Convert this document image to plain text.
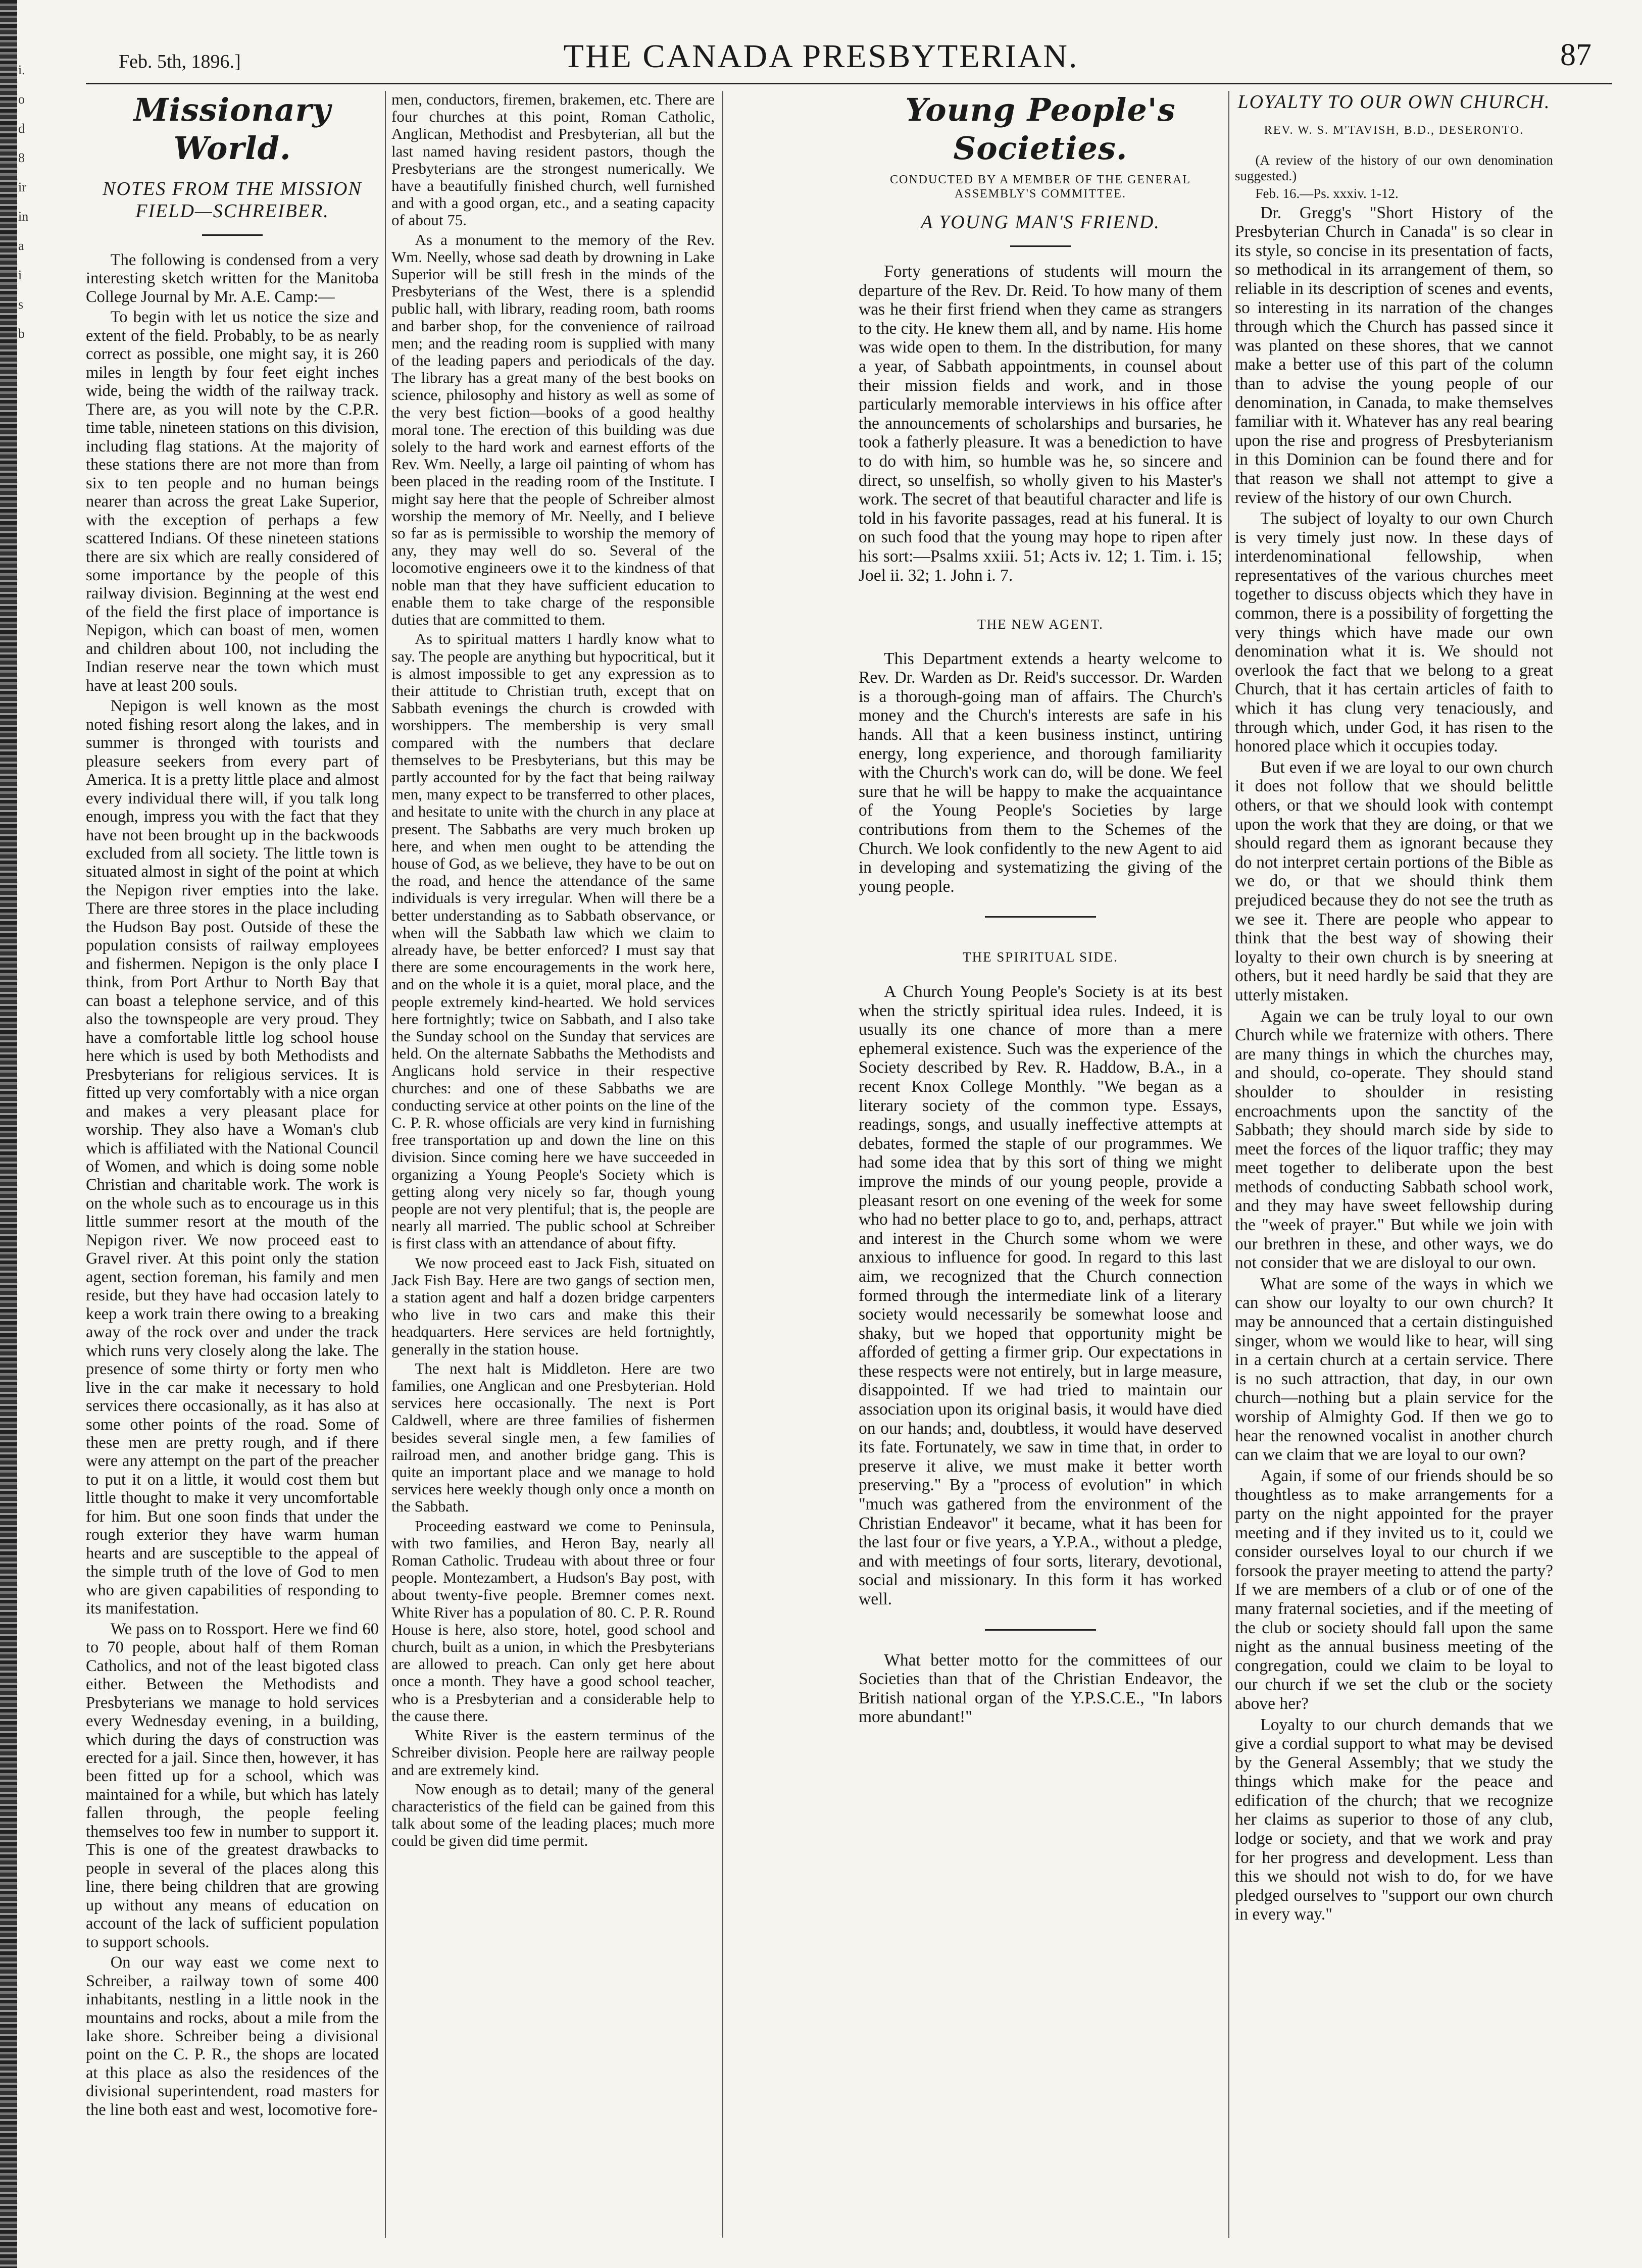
i.
o
d
8
ir
in
a
i
s
b
Feb. 5th, 1896.]	THE CANADA PRESBYTERIAN.	87
Missionary World.
NOTES FROM THE MISSION FIELD—SCHREIBER.

The following is condensed from a very interesting sketch written for the Manitoba College Journal by Mr. A.E. Camp:—

To begin with let us notice the size and extent of the field. Probably, to be as nearly correct as possible, one might say, it is 260 miles in length by four feet eight inches wide, being the width of the railway track. There are, as you will note by the C.P.R. time table, nineteen stations on this division, including flag stations. At the majority of these stations there are not more than from six to ten people and no human beings nearer than across the great Lake Superior, with the exception of perhaps a few scattered Indians. Of these nineteen stations there are six which are really considered of some importance by the people of this railway division. Beginning at the west end of the field the first place of importance is Nepigon, which can boast of men, women and children about 100, not including the Indian reserve near the town which must have at least 200 souls.

Nepigon is well known as the most noted fishing resort along the lakes, and in summer is thronged with tourists and pleasure seekers from every part of America. It is a pretty little place and almost every individual there will, if you talk long enough, impress you with the fact that they have not been brought up in the backwoods excluded from all society. The little town is situated almost in sight of the point at which the Nepigon river empties into the lake. There are three stores in the place including the Hudson Bay post. Outside of these the population consists of railway employees and fishermen. Nepigon is the only place I think, from Port Arthur to North Bay that can boast a telephone service, and of this also the townspeople are very proud. They have a comfortable little log school house here which is used by both Methodists and Presbyterians for religious services. It is fitted up very comfortably with a nice organ and makes a very pleasant place for worship. They also have a Woman's club which is affiliated with the National Council of Women, and which is doing some noble Christian and charitable work. The work is on the whole such as to encourage us in this little summer resort at the mouth of the Nepigon river. We now proceed east to Gravel river. At this point only the station agent, section foreman, his family and men reside, but they have had occasion lately to keep a work train there owing to a breaking away of the rock over and under the track which runs very closely along the lake. The presence of some thirty or forty men who live in the car make it necessary to hold services there occasionally, as it has also at some other points of the road. Some of these men are pretty rough, and if there were any attempt on the part of the preacher to put it on a little, it would cost them but little thought to make it very uncomfortable for him. But one soon finds that under the rough exterior they have warm human hearts and are susceptible to the appeal of the simple truth of the love of God to men who are given capabilities of responding to its manifestation.

We pass on to Rossport. Here we find 60 to 70 people, about half of them Roman Catholics, and not of the least bigoted class either. Between the Methodists and Presbyterians we manage to hold services every Wednesday evening, in a building, which during the days of construction was erected for a jail. Since then, however, it has been fitted up for a school, which was maintained for a while, but which has lately fallen through, the people feeling themselves too few in number to support it. This is one of the greatest drawbacks to people in several of the places along this line, there being children that are growing up without any means of education on account of the lack of sufficient population to support schools.

On our way east we come next to Schreiber, a railway town of some 400 inhabitants, nestling in a little nook in the mountains and rocks, about a mile from the lake shore. Schreiber being a divisional point on the C. P. R., the shops are located at this place as also the residences of the divisional superintendent, road masters for the line both east and west, locomotive fore-

men, conductors, firemen, brakemen, etc. There are four churches at this point, Roman Catholic, Anglican, Methodist and Presbyterian, all but the last named having resident pastors, though the Presbyterians are the strongest numerically. We have a beautifully finished church, well furnished and with a good organ, etc., and a seating capacity of about 75.

As a monument to the memory of the Rev. Wm. Neelly, whose sad death by drowning in Lake Superior will be still fresh in the minds of the Presbyterians of the West, there is a splendid public hall, with library, reading room, bath rooms and barber shop, for the convenience of railroad men; and the reading room is supplied with many of the leading papers and periodicals of the day. The library has a great many of the best books on science, philosophy and history as well as some of the very best fiction—books of a good healthy moral tone. The erection of this building was due solely to the hard work and earnest efforts of the Rev. Wm. Neelly, a large oil painting of whom has been placed in the reading room of the Institute. I might say here that the people of Schreiber almost worship the memory of Mr. Neelly, and I believe so far as is permissible to worship the memory of any, they may well do so. Several of the locomotive engineers owe it to the kindness of that noble man that they have sufficient education to enable them to take charge of the responsible duties that are committed to them.

As to spiritual matters I hardly know what to say. The people are anything but hypocritical, but it is almost impossible to get any expression as to their attitude to Christian truth, except that on Sabbath evenings the church is crowded with worshippers. The membership is very small compared with the numbers that declare themselves to be Presbyterians, but this may be partly accounted for by the fact that being railway men, many expect to be transferred to other places, and hesitate to unite with the church in any place at present. The Sabbaths are very much broken up here, and when men ought to be attending the house of God, as we believe, they have to be out on the road, and hence the attendance of the same individuals is very irregular. When will there be a better understanding as to Sabbath observance, or when will the Sabbath law which we claim to already have, be better enforced? I must say that there are some encouragements in the work here, and on the whole it is a quiet, moral place, and the people extremely kind-hearted. We hold services here fortnightly; twice on Sabbath, and I also take the Sunday school on the Sunday that services are held. On the alternate Sabbaths the Methodists and Anglicans hold service in their respective churches: and one of these Sabbaths we are conducting service at other points on the line of the C. P. R. whose officials are very kind in furnishing free transportation up and down the line on this division. Since coming here we have succeeded in organizing a Young People's Society which is getting along very nicely so far, though young people are not very plentiful; that is, the people are nearly all married. The public school at Schreiber is first class with an attendance of about fifty.

We now proceed east to Jack Fish, situated on Jack Fish Bay. Here are two gangs of section men, a station agent and half a dozen bridge carpenters who live in two cars and make this their headquarters. Here services are held fortnightly, generally in the station house.

The next halt is Middleton. Here are two families, one Anglican and one Presbyterian. Hold services here occasionally. The next is Port Caldwell, where are three families of fishermen besides several single men, a few families of railroad men, and another bridge gang. This is quite an important place and we manage to hold services here weekly though only once a month on the Sabbath.

Proceeding eastward we come to Peninsula, with two families, and Heron Bay, nearly all Roman Catholic. Trudeau with about three or four people. Montezambert, a Hudson's Bay post, with about twenty-five people. Bremner comes next. White River has a population of 80. C. P. R. Round House is here, also store, hotel, good school and church, built as a union, in which the Presbyterians are allowed to preach. Can only get here about once a month. They have a good school teacher, who is a Presbyterian and a considerable help to the cause there.

White River is the eastern terminus of the Schreiber division. People here are railway people and are extremely kind.

Now enough as to detail; many of the general characteristics of the field can be gained from this talk about some of the leading places; much more could be given did time permit.

Young People's Societies.
CONDUCTED BY A MEMBER OF THE GENERAL ASSEMBLY'S COMMITTEE.
A YOUNG MAN'S FRIEND.

Forty generations of students will mourn the departure of the Rev. Dr. Reid. To how many of them was he their first friend when they came as strangers to the city. He knew them all, and by name. His home was wide open to them. In the distribution, for many a year, of Sabbath appointments, in counsel about their mission fields and work, and in those particularly memorable interviews in his office after the announcements of scholarships and bursaries, he took a fatherly pleasure. It was a benediction to have to do with him, so humble was he, so sincere and direct, so unselfish, so wholly given to his Master's work. The secret of that beautiful character and life is told in his favorite passages, read at his funeral. It is on such food that the young may hope to ripen after his sort:—Psalms xxiii. 51; Acts iv. 12; 1. Tim. i. 15; Joel ii. 32; 1. John i. 7.

THE NEW AGENT.

This Department extends a hearty welcome to Rev. Dr. Warden as Dr. Reid's successor. Dr. Warden is a thorough-going man of affairs. The Church's money and the Church's interests are safe in his hands. All that a keen business instinct, untiring energy, long experience, and thorough familiarity with the Church's work can do, will be done. We feel sure that he will be happy to make the acquaintance of the Young People's Societies by large contributions from them to the Schemes of the Church. We look confidently to the new Agent to aid in developing and systematizing the giving of the young people.

THE SPIRITUAL SIDE.

A Church Young People's Society is at its best when the strictly spiritual idea rules. Indeed, it is usually its one chance of more than a mere ephemeral existence. Such was the experience of the Society described by Rev. R. Haddow, B.A., in a recent Knox College Monthly. "We began as a literary society of the common type. Essays, readings, songs, and usually ineffective attempts at debates, formed the staple of our programmes. We had some idea that by this sort of thing we might improve the minds of our young people, provide a pleasant resort on one evening of the week for some who had no better place to go to, and, perhaps, attract and interest in the Church some whom we were anxious to influence for good. In regard to this last aim, we recognized that the Church connection formed through the intermediate link of a literary society would necessarily be somewhat loose and shaky, but we hoped that opportunity might be afforded of getting a firmer grip. Our expectations in these respects were not entirely, but in large measure, disappointed. If we had tried to maintain our association upon its original basis, it would have died on our hands; and, doubtless, it would have deserved its fate. Fortunately, we saw in time that, in order to preserve it alive, we must make it better worth preserving." By a "process of evolution" in which "much was gathered from the environment of the Christian Endeavor" it became, what it has been for the last four or five years, a Y.P.A., without a pledge, and with meetings of four sorts, literary, devotional, social and missionary. In this form it has worked well.

What better motto for the committees of our Societies than that of the Christian Endeavor, the British national organ of the Y.P.S.C.E., "In labors more abundant!"

LOYALTY TO OUR OWN CHURCH.
REV. W. S. M'TAVISH, B.D., DESERONTO.

(A review of the history of our own denomination suggested.)

Feb. 16.—Ps. xxxiv. 1-12.

Dr. Gregg's "Short History of the Presbyterian Church in Canada" is so clear in its style, so concise in its presentation of facts, so methodical in its arrangement of them, so reliable in its description of scenes and events, so interesting in its narration of the changes through which the Church has passed since it was planted on these shores, that we cannot make a better use of this part of the column than to advise the young people of our denomination, in Canada, to make themselves familiar with it. Whatever has any real bearing upon the rise and progress of Presbyterianism in this Dominion can be found there and for that reason we shall not attempt to give a review of the history of our own Church.

The subject of loyalty to our own Church is very timely just now. In these days of interdenominational fellowship, when representatives of the various churches meet together to discuss objects which they have in common, there is a possibility of forgetting the very things which have made our own denomination what it is. We should not overlook the fact that we belong to a great Church, that it has certain articles of faith to which it has clung very tenaciously, and through which, under God, it has risen to the honored place which it occupies today.

But even if we are loyal to our own church it does not follow that we should belittle others, or that we should look with contempt upon the work that they are doing, or that we should regard them as ignorant because they do not interpret certain portions of the Bible as we do, or that we should think them prejudiced because they do not see the truth as we see it. There are people who appear to think that the best way of showing their loyalty to their own church is by sneering at others, but it need hardly be said that they are utterly mistaken.

Again we can be truly loyal to our own Church while we fraternize with others. There are many things in which the churches may, and should, co-operate. They should stand shoulder to shoulder in resisting encroachments upon the sanctity of the Sabbath; they should march side by side to meet the forces of the liquor traffic; they may meet together to deliberate upon the best methods of conducting Sabbath school work, and they may have sweet fellowship during the "week of prayer." But while we join with our brethren in these, and other ways, we do not consider that we are disloyal to our own.

What are some of the ways in which we can show our loyalty to our own church? It may be announced that a certain distinguished singer, whom we would like to hear, will sing in a certain church at a certain service. There is no such attraction, that day, in our own church—nothing but a plain service for the worship of Almighty God. If then we go to hear the renowned vocalist in another church can we claim that we are loyal to our own?

Again, if some of our friends should be so thoughtless as to make arrangements for a party on the night appointed for the prayer meeting and if they invited us to it, could we consider ourselves loyal to our church if we forsook the prayer meeting to attend the party? If we are members of a club or of one of the many fraternal societies, and if the meeting of the club or society should fall upon the same night as the annual business meeting of the congregation, could we claim to be loyal to our church if we set the club or the society above her?

Loyalty to our church demands that we give a cordial support to what may be devised by the General Assembly; that we study the things which make for the peace and edification of the church; that we recognize her claims as superior to those of any club, lodge or society, and that we work and pray for her progress and development. Less than this we should not wish to do, for we have pledged ourselves to "support our own church in every way."
